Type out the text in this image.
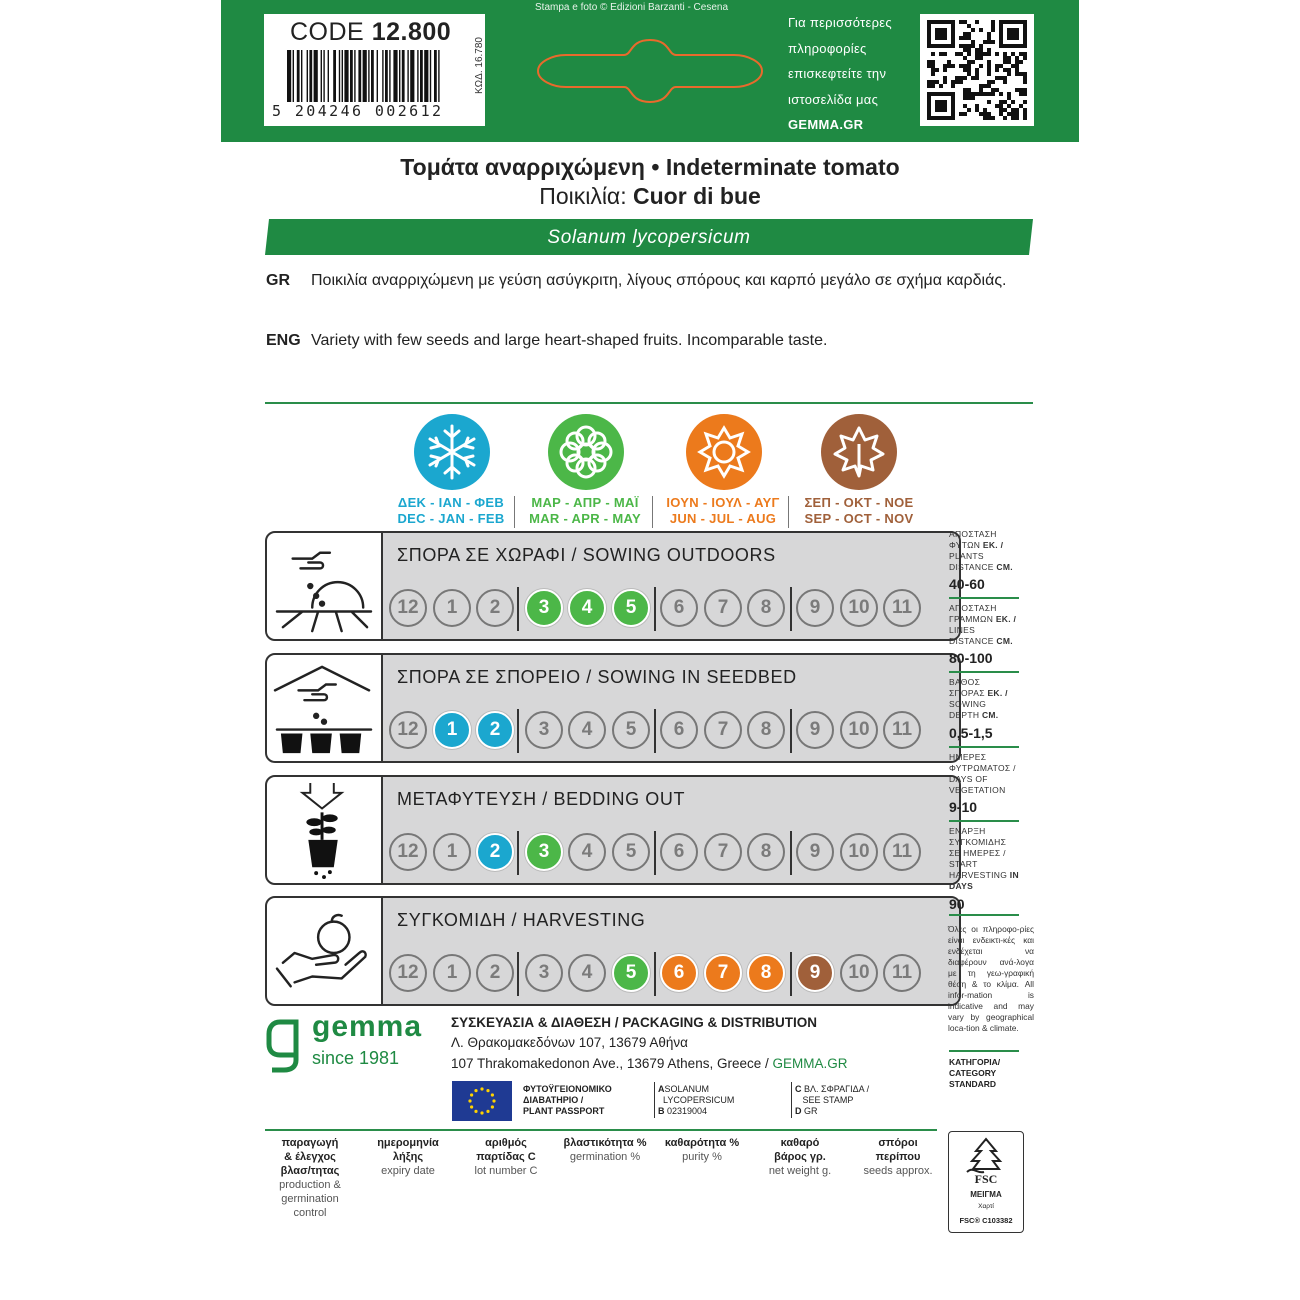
CODE 12.800
5 204246 002612
ΚΩΔ. 16.780
Stampa e foto © Edizioni Barzanti - Cesena
Για περισσότερες
πληροφορίες
επισκεφτείτε την
ιστοσελίδα μας
GEMMA.GR
Τομάτα αναρριχώμενη • Indeterminate tomato
Ποικιλία: Cuor di bue
Solanum lycopersicum
GR Ποικιλία αναρριχώμενη με γεύση ασύγκριτη, λίγους σπόρους και καρπό μεγάλο σε σχήμα καρδιάς.
ENG Variety with few seeds and large heart-shaped fruits. Incomparable taste.
ΔΕΚ - ΙΑΝ - ΦΕΒ
DEC - JAN - FEB
ΜΑΡ - ΑΠΡ - ΜΑΪ
MAR - APR - MAY
ΙΟΥΝ - ΙΟΥΛ - ΑΥΓ
JUN - JUL - AUG
ΣΕΠ - ΟΚΤ - ΝΟΕ
SEP - OCT - NOV
ΣΠΟΡΑ ΣΕ ΧΩΡΑΦΙ / SOWING OUTDOORS
ΣΠΟΡΑ ΣΕ ΣΠΟΡΕΙΟ / SOWING IN SEEDBED
ΜΕΤΑΦΥΤΕΥΣΗ / BEDDING OUT
ΣΥΓΚΟΜΙΔΗ / HARVESTING
ΑΠΟΣΤΑΣΗ
ΦΥΤΩΝ ΕΚ. /
PLANTS
DISTANCE CM.
40-60
ΑΠΟΣΤΑΣΗ
ΓΡΑΜΜΩΝ ΕΚ. /
LINES
DISTANCE CM.
80-100
ΒΑΘΟΣ
ΣΠΟΡΑΣ ΕΚ. /
SOWING
DEPTH CM.
0,5-1,5
ΗΜΕΡΕΣ
ΦΥΤΡΩΜΑΤΟΣ /
DAYS OF
VEGETATION
9-10
ΕΝΑΡΞΗ
ΣΥΓΚΟΜΙΔΗΣ
ΣΕ ΗΜΕΡΕΣ /
START HARVESTING IN DAYS
90
Όλες οι πληροφο-ρίες είναι ενδεικτι-κές και ενδέχεται να διαφέρουν ανά-λογα με τη γεω-γραφική θέση & το κλίμα. All infor-mation is indicative and may vary by geographical loca-tion & climate.
ΚΑΤΗΓΟΡΙΑ/
CATEGORY
STANDARD
gemma
since 1981
ΣΥΣΚΕΥΑΣΙΑ & ΔΙΑΘΕΣΗ / PACKAGING & DISTRIBUTION
Λ. Θρακομακεδόνων 107, 13679 Αθήνα
107 Thrakomakedonon Ave., 13679 Athens, Greece / GEMMA.GR
ΦΥΤΟΫΓΕΙΟΝΟΜΙΚΟ
ΔΙΑΒΑΤΗΡΙΟ /
PLANT PASSPORT
ASOLANUM
LYCOPERSICUM
B 02319004
C ΒΛ. ΣΦΡΑΓΙΔΑ /
SEE STAMP
D GR
παραγωγή
& έλεγχος
βλασ/τητας
production &
germination
control
ημερομηνία
λήξης
expiry date
αριθμός
παρτίδας C
lot number C
βλαστικότητα %
germination %
καθαρότητα %
purity %
καθαρό
βάρος γρ.
net weight g.
σπόροι
περίπου
seeds approx.
FSC
ΜΕΙΓΜΑ
Χαρτί
FSC® C103382
12	1	2	3	4	5	6	7	8	9	10	11
12	1	2	3	4	5	6	7	8	9	10	11
12	1	2	3	4	5	6	7	8	9	10	11
12	1	2	3	4	5	6	7	8	9	10	11
